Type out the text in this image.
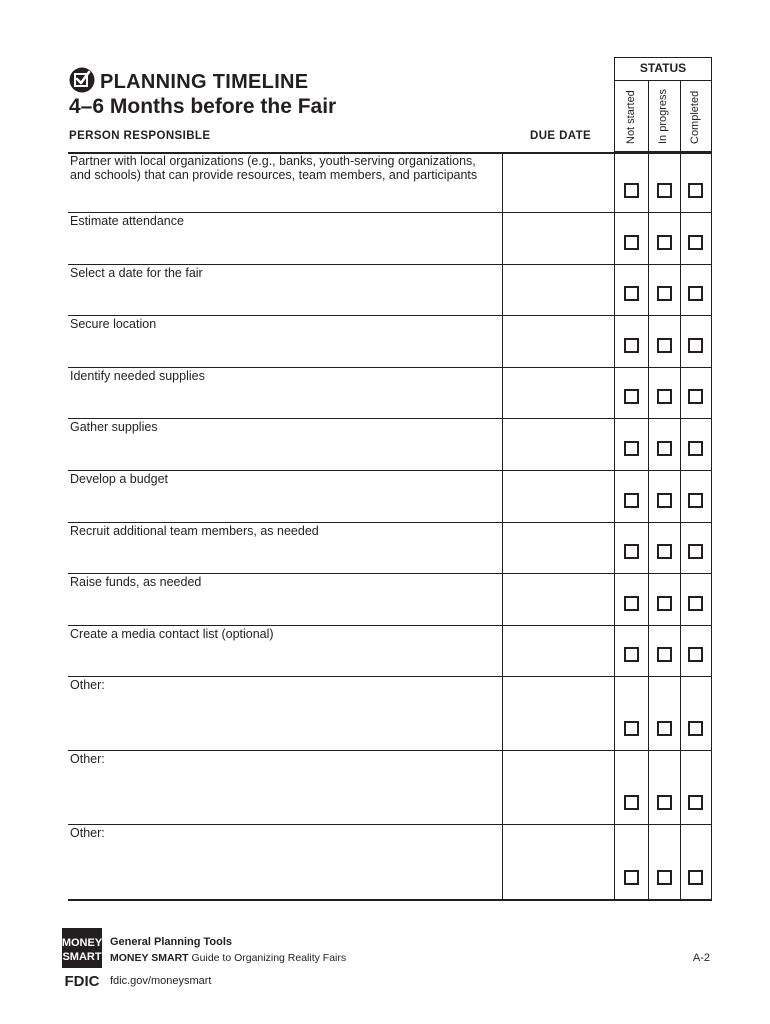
PLANNING TIMELINE
4–6 Months before the Fair
PERSON RESPONSIBLE	DUE DATE
STATUS
Not started In progress Completed
Partner with local organizations (e.g., banks, youth-serving organizations,
and schools) that can provide resources, team members, and participants
Estimate attendance
Select a date for the fair
Secure location
Identify needed supplies
Gather supplies
Develop a budget
Recruit additional team members, as needed
Raise funds, as needed
Create a media contact list (optional)
Other:
Other:
Other:
MONEY
SMART
FDIC
General Planning Tools
MONEY SMART Guide to Organizing Reality Fairs
fdic.gov/moneysmart
A-2
